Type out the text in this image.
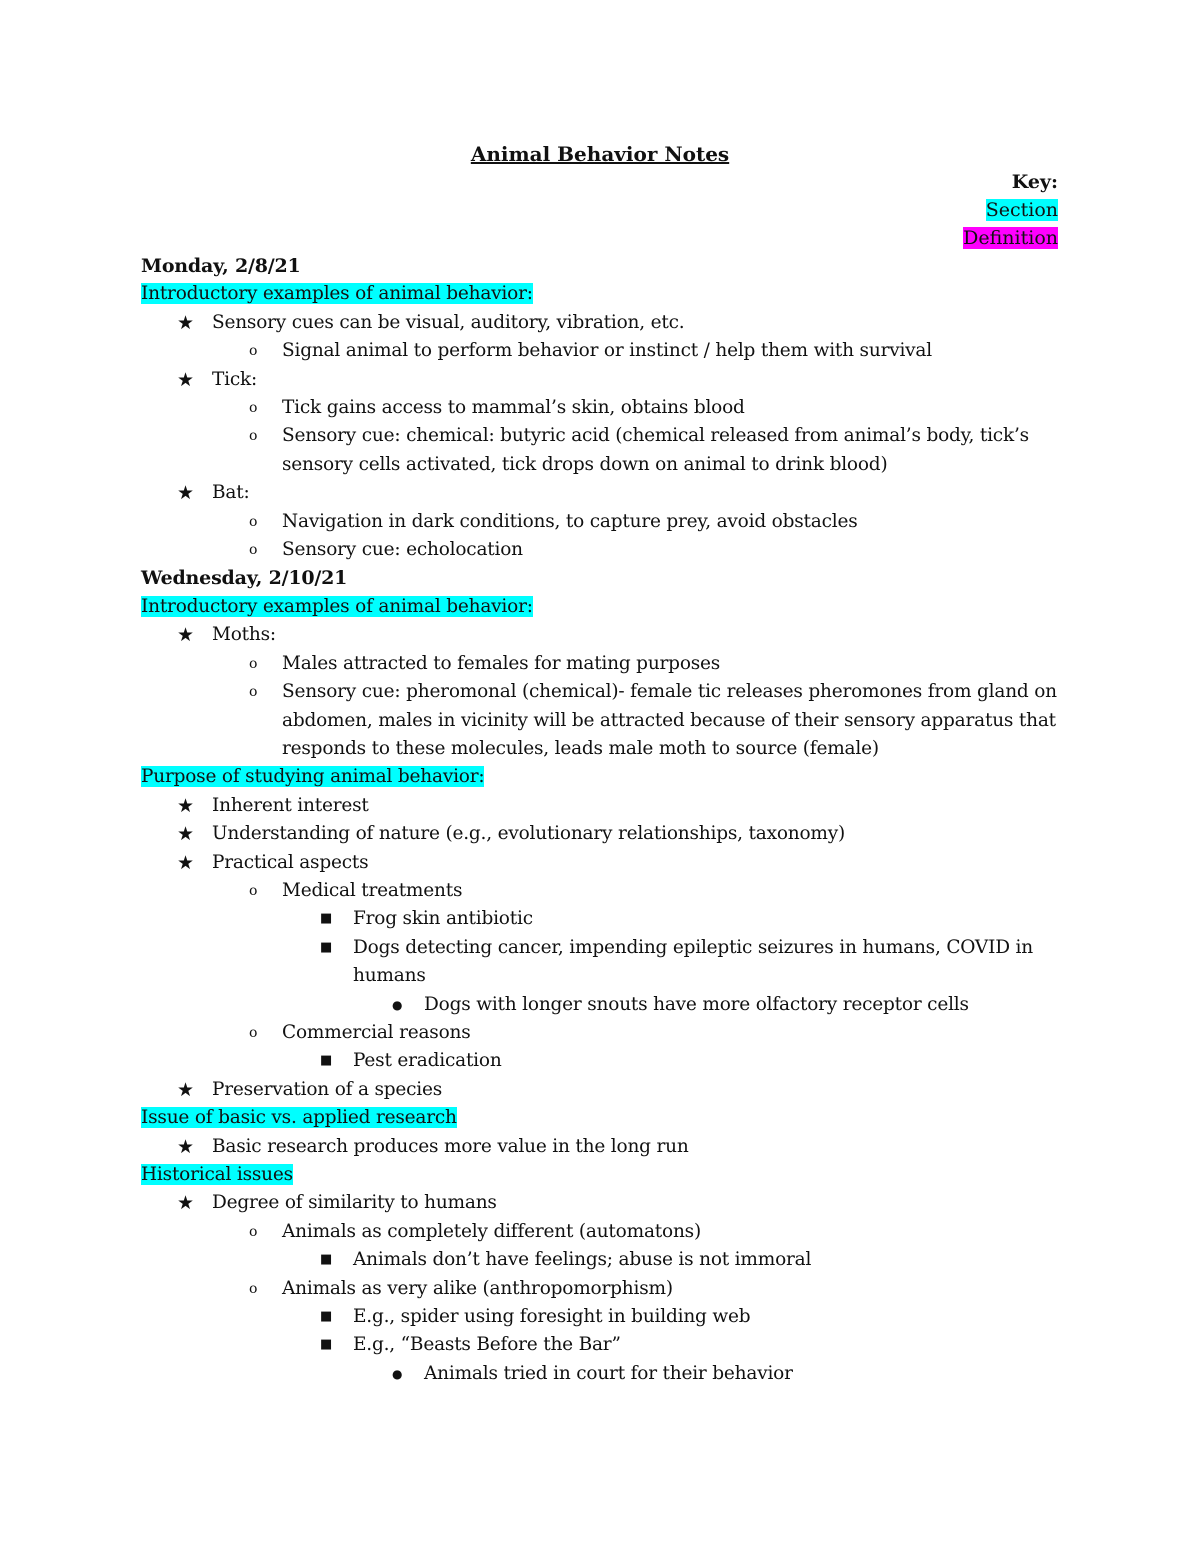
Animal Behavior Notes
Key:
Section
Definition
Monday, 2/8/21
Introductory examples of animal behavior:
★ Sensory cues can be visual, auditory, vibration, etc.
o	Signal animal to perform behavior or instinct / help them with survival
★ Tick:
o	Tick gains access to mammal’s skin, obtains blood
o	Sensory cue: chemical: butyric acid (chemical released from animal’s body, tick’s sensory cells activated, tick drops down on animal to drink blood)
★ Bat:
o	Navigation in dark conditions, to capture prey, avoid obstacles
o	Sensory cue: echolocation
Wednesday, 2/10/21
Introductory examples of animal behavior:
★ Moths:
o	Males attracted to females for mating purposes
o	Sensory cue: pheromonal (chemical)- female tic releases pheromones from gland on abdomen, males in vicinity will be attracted because of their sensory apparatus that responds to these molecules, leads male moth to source (female)
Purpose of studying animal behavior:
★ Inherent interest
★ Understanding of nature (e.g., evolutionary relationships, taxonomy)
★ Practical aspects
o	Medical treatments
■	Frog skin antibiotic
■	Dogs detecting cancer, impending epileptic seizures in humans, COVID in humans
●	Dogs with longer snouts have more olfactory receptor cells
o	Commercial reasons
■	Pest eradication
★ Preservation of a species
Issue of basic vs. applied research
★ Basic research produces more value in the long run
Historical issues
★ Degree of similarity to humans
o	Animals as completely different (automatons)
■	Animals don’t have feelings; abuse is not immoral
o	Animals as very alike (anthropomorphism)
■	E.g., spider using foresight in building web
■	E.g., “Beasts Before the Bar”
●	Animals tried in court for their behavior
